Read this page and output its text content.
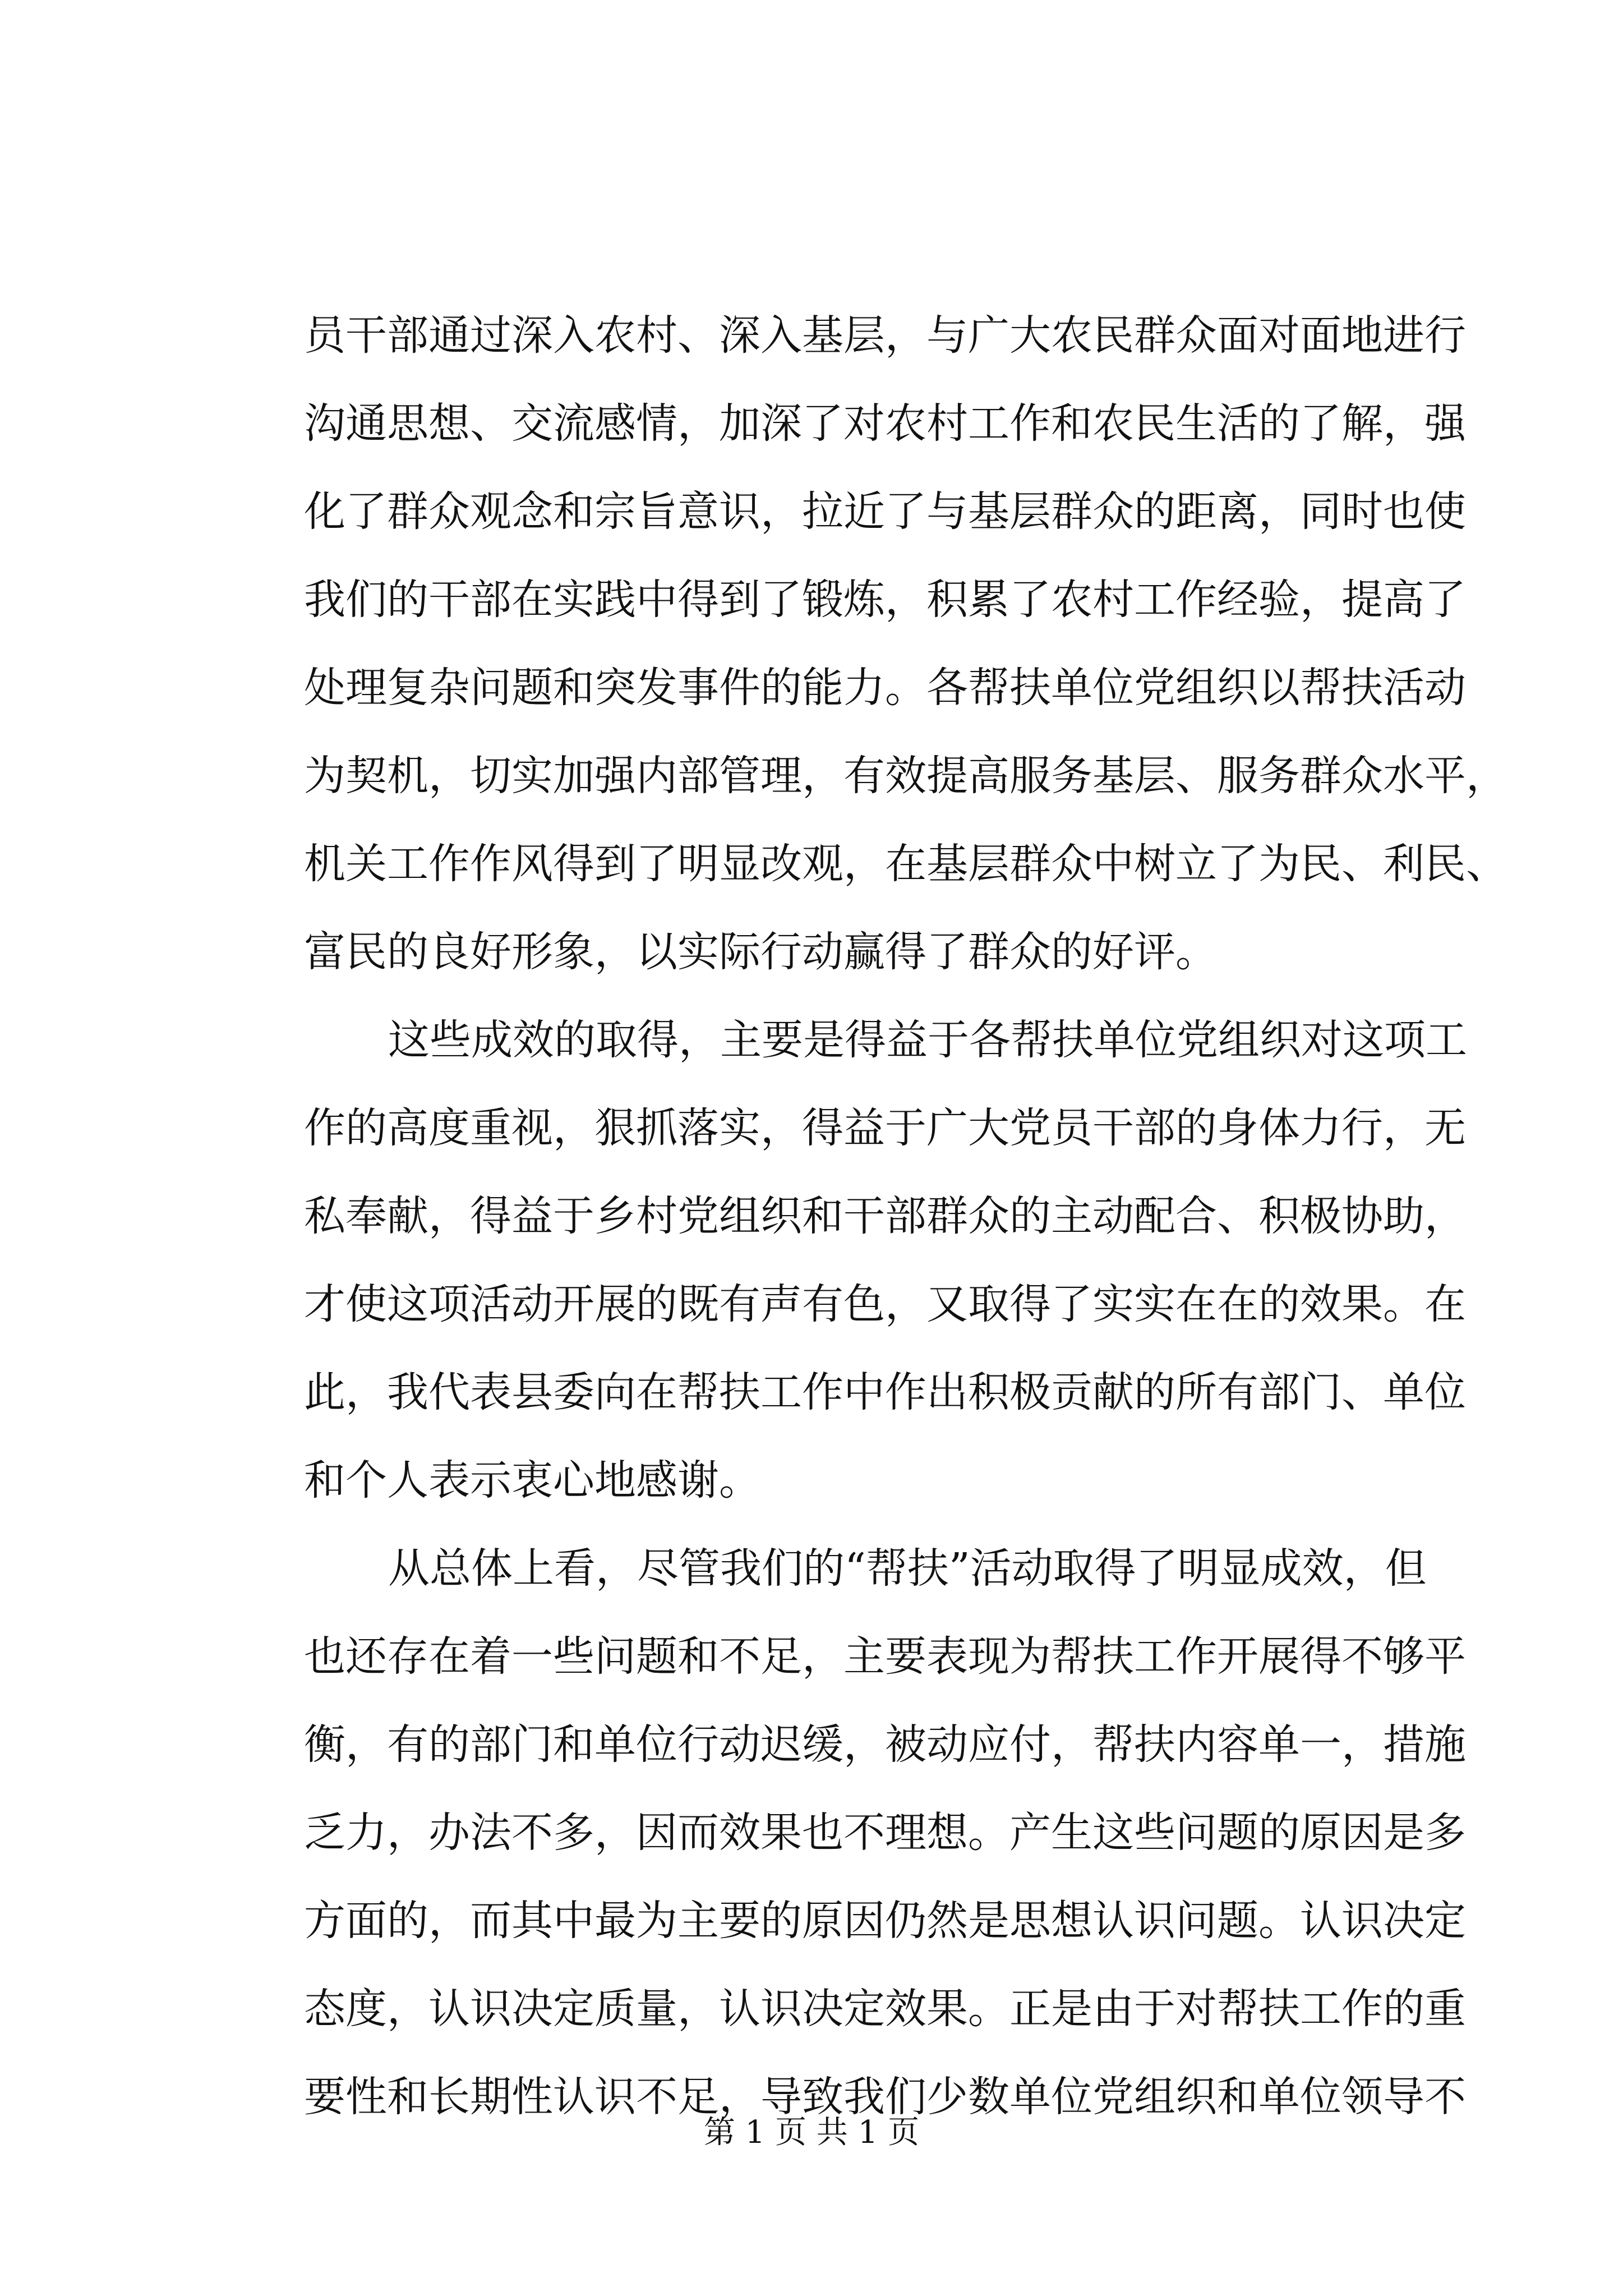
员干部通过深入农村、深入基层，与广大农民群众面对面地进行
沟通思想、交流感情，加深了对农村工作和农民生活的了解，强
化了群众观念和宗旨意识，拉近了与基层群众的距离，同时也使
我们的干部在实践中得到了锻炼，积累了农村工作经验，提高了
处理复杂问题和突发事件的能力。各帮扶单位党组织以帮扶活动
为契机，切实加强内部管理，有效提高服务基层、服务群众水平，
机关工作作风得到了明显改观，在基层群众中树立了为民、利民、
富民的良好形象，以实际行动赢得了群众的好评。
这些成效的取得，主要是得益于各帮扶单位党组织对这项工
作的高度重视，狠抓落实，得益于广大党员干部的身体力行，无
私奉献，得益于乡村党组织和干部群众的主动配合、积极协助，
才使这项活动开展的既有声有色，又取得了实实在在的效果。在
此，我代表县委向在帮扶工作中作出积极贡献的所有部门、单位
和个人表示衷心地感谢。
从总体上看，尽管我们的“帮扶”活动取得了明显成效，但
也还存在着一些问题和不足，主要表现为帮扶工作开展得不够平
衡，有的部门和单位行动迟缓，被动应付，帮扶内容单一，措施
乏力，办法不多，因而效果也不理想。产生这些问题的原因是多
方面的，而其中最为主要的原因仍然是思想认识问题。认识决定
态度，认识决定质量，认识决定效果。正是由于对帮扶工作的重
要性和长期性认识不足，导致我们少数单位党组织和单位领导不
第 1 页 共 1 页
